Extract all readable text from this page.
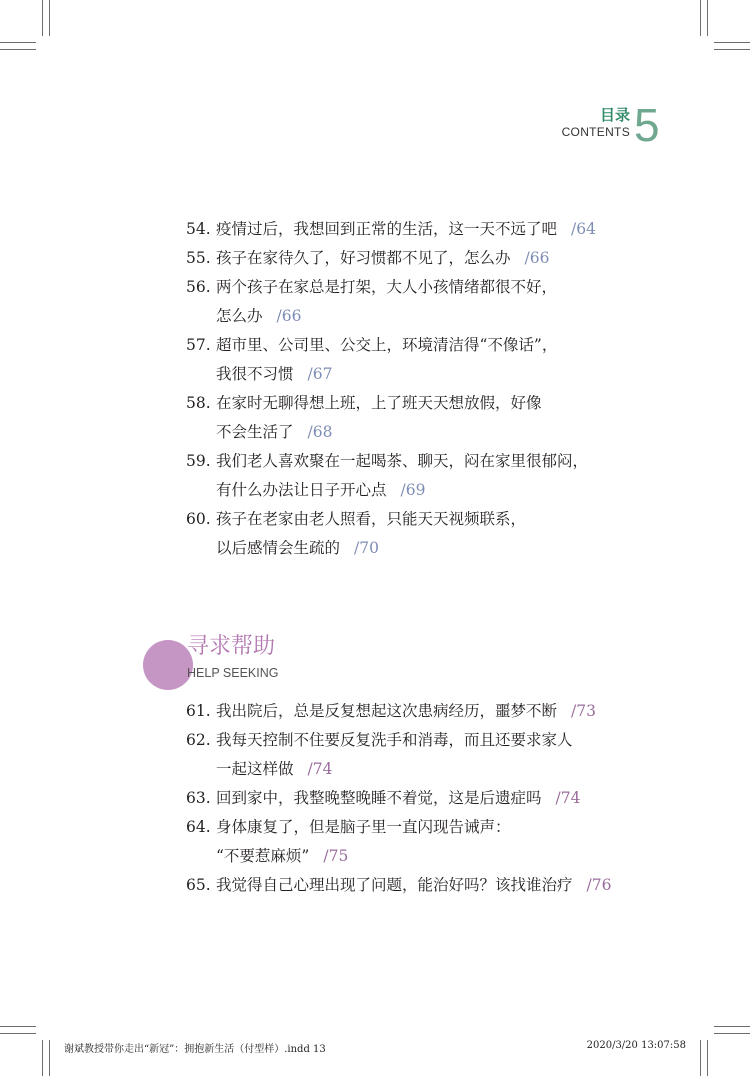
目录
CONTENTS 5
54. 疫情过后，我想回到正常的生活，这一天不远了吧 /64
55. 孩子在家待久了，好习惯都不见了，怎么办 /66
56. 两个孩子在家总是打架，大人小孩情绪都很不好，
怎么办 /66
57. 超市里、公司里、公交上，环境清洁得“不像话”，
我很不习惯 /67
58. 在家时无聊得想上班，上了班天天想放假，好像
不会生活了 /68
59. 我们老人喜欢聚在一起喝茶、聊天，闷在家里很郁闷，
有什么办法让日子开心点 /69
60. 孩子在老家由老人照看，只能天天视频联系，
以后感情会生疏的 /70
寻求帮助
HELP SEEKING
61. 我出院后，总是反复想起这次患病经历，噩梦不断 /73
62. 我每天控制不住要反复洗手和消毒，而且还要求家人
一起这样做 /74
63. 回到家中，我整晚整晚睡不着觉，这是后遗症吗 /74
64. 身体康复了，但是脑子里一直闪现告诫声：
“不要惹麻烦” /75
65. 我觉得自己心理出现了问题，能治好吗？该找谁治疗 /76
谢斌教授带你走出“新冠”：拥抱新生活（付型样）.indd 13	2020/3/20 13:07:58
